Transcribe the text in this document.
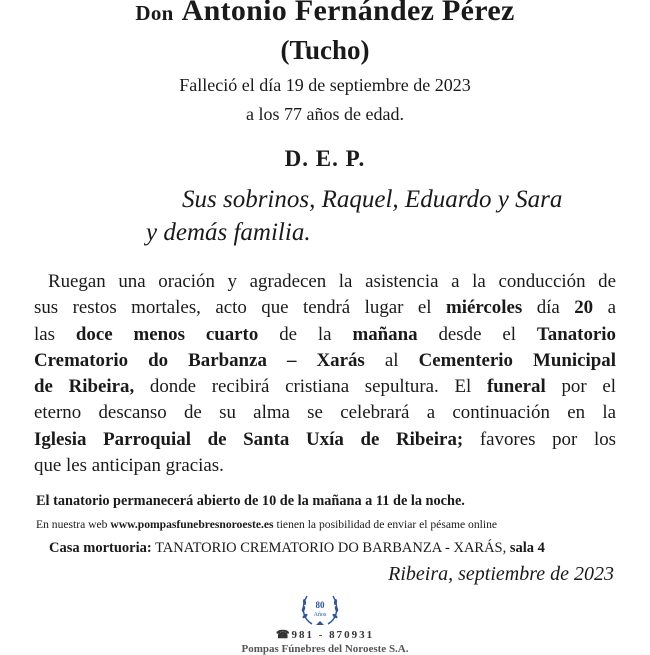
Don Antonio Fernández Pérez
(Tucho)
Falleció el día 19 de septiembre de 2023
a los 77 años de edad.
D. E. P.
Sus sobrinos, Raquel, Eduardo y Sara
y demás familia.
Ruegan una oración y agradecen la asistencia a la conducción de
sus restos mortales, acto que tendrá lugar el miércoles día 20 a
las doce menos cuarto de la mañana desde el Tanatorio
Crematorio do Barbanza – Xarás al Cementerio Municipal
de Ribeira, donde recibirá cristiana sepultura. El funeral por el
eterno descanso de su alma se celebrará a continuación en la
Iglesia Parroquial de Santa Uxía de Ribeira; favores por los
que les anticipan gracias.
El tanatorio permanecerá abierto de 10 de la mañana a 11 de la noche.
En nuestra web www.pompasfunebresnoroeste.es tienen la posibilidad de enviar el pésame online
Casa mortuoria: TANATORIO CREMATORIO DO BARBANZA - XARÁS, sala 4
Ribeira, septiembre de 2023
80
Años
☎981 - 870931
Pompas Fúnebres del Noroeste S.A.
